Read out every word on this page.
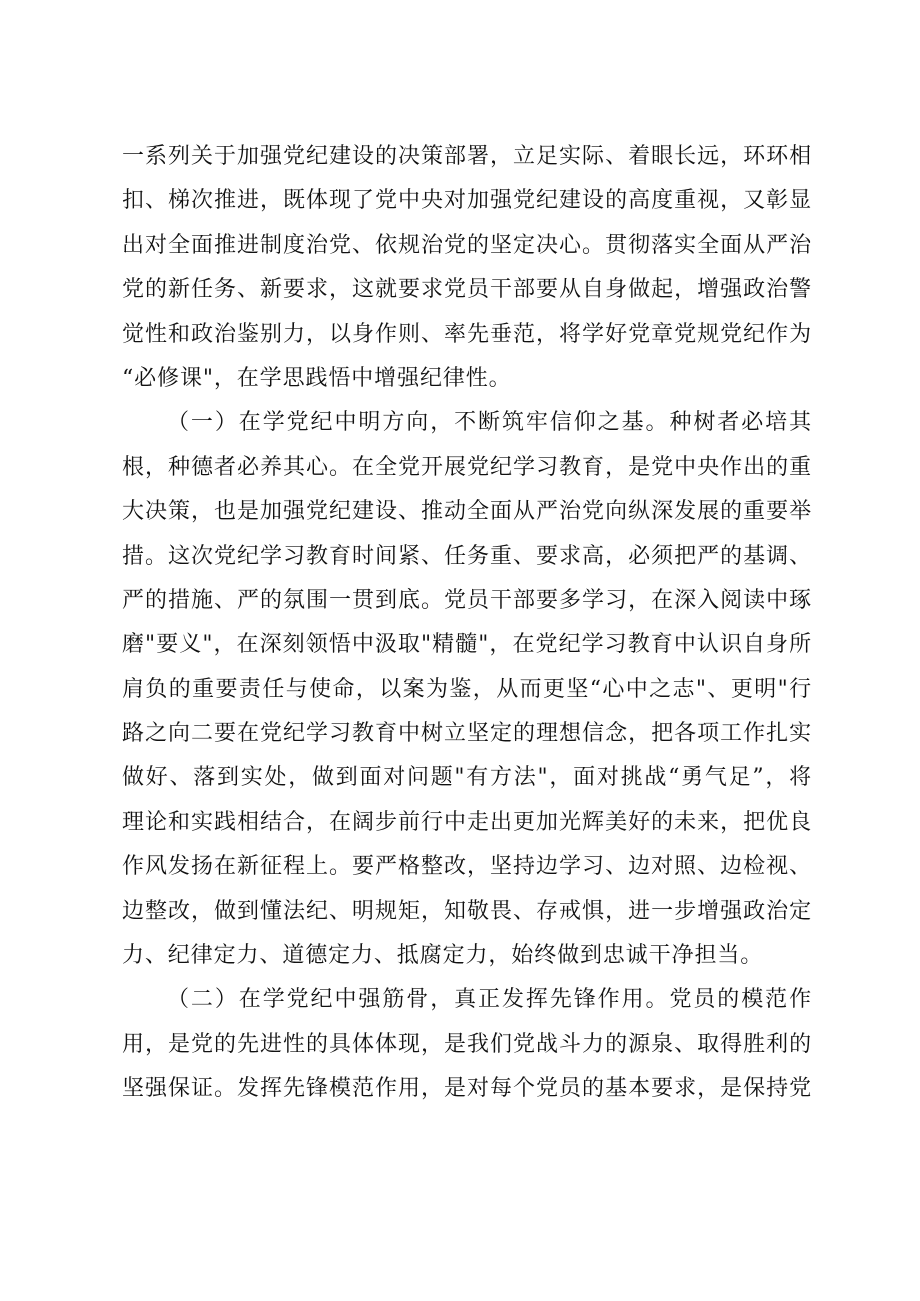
一系列关于加强党纪建设的决策部署，立足实际、着眼长远，环环相
扣、梯次推进，既体现了党中央对加强党纪建设的高度重视，又彰显
出对全面推进制度治党、依规治党的坚定决心。贯彻落实全面从严治
党的新任务、新要求，这就要求党员干部要从自身做起，增强政治警
觉性和政治鉴别力，以身作则、率先垂范，将学好党章党规党纪作为
“必修课"，在学思践悟中增强纪律性。
（一）在学党纪中明方向，不断筑牢信仰之基。种树者必培其
根，种德者必养其心。在全党开展党纪学习教育，是党中央作出的重
大决策，也是加强党纪建设、推动全面从严治党向纵深发展的重要举
措。这次党纪学习教育时间紧、任务重、要求高，必须把严的基调、
严的措施、严的氛围一贯到底。党员干部要多学习，在深入阅读中琢
磨"要义"，在深刻领悟中汲取"精髓"，在党纪学习教育中认识自身所
肩负的重要责任与使命，以案为鉴，从而更坚“心中之志"、更明"行
路之向二要在党纪学习教育中树立坚定的理想信念，把各项工作扎实
做好、落到实处，做到面对问题"有方法"，面对挑战“勇气足”，将
理论和实践相结合，在阔步前行中走出更加光辉美好的未来，把优良
作风发扬在新征程上。要严格整改，坚持边学习、边对照、边检视、
边整改，做到懂法纪、明规矩，知敬畏、存戒惧，进一步增强政治定
力、纪律定力、道德定力、抵腐定力，始终做到忠诚干净担当。
（二）在学党纪中强筋骨，真正发挥先锋作用。党员的模范作
用，是党的先进性的具体体现，是我们党战斗力的源泉、取得胜利的
坚强保证。发挥先锋模范作用，是对每个党员的基本要求，是保持党
